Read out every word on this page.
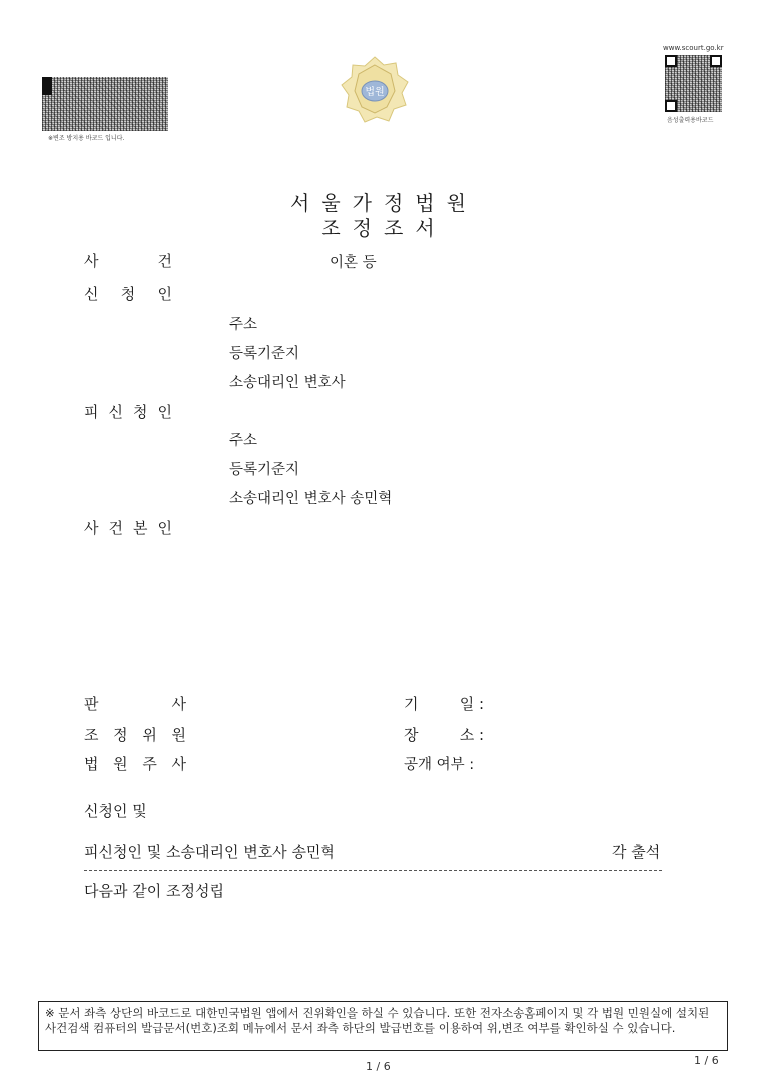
※변조 방지용 바코드 입니다.
법원
www.scourt.go.kr
음성출력용바코드
서울가정법원
조정조서
사	건	이혼 등
신 청 인
주소
등록기준지
소송대리인 변호사
피 신 청 인
주소
등록기준지
소송대리인 변호사 송민혁
사 건 본 인
판	사
조 정 위 원
법 원 주 사
기	일 :
장	소 :
공개 여부 :
신청인 및
피신청인 및 소송대리인 변호사 송민혁	각 출석
다음과 같이 조정성립
※ 문서 좌측 상단의 바코드로 대한민국법원 앱에서 진위확인을 하실 수 있습니다. 또한 전자소송홈페이지 및 각 법원 민원실에 설치된 사건검색 컴퓨터의 발급문서(번호)조회 메뉴에서 문서 좌측 하단의 발급번호를 이용하여 위,변조 여부를 확인하실 수 있습니다.
1 / 6	1 / 6
